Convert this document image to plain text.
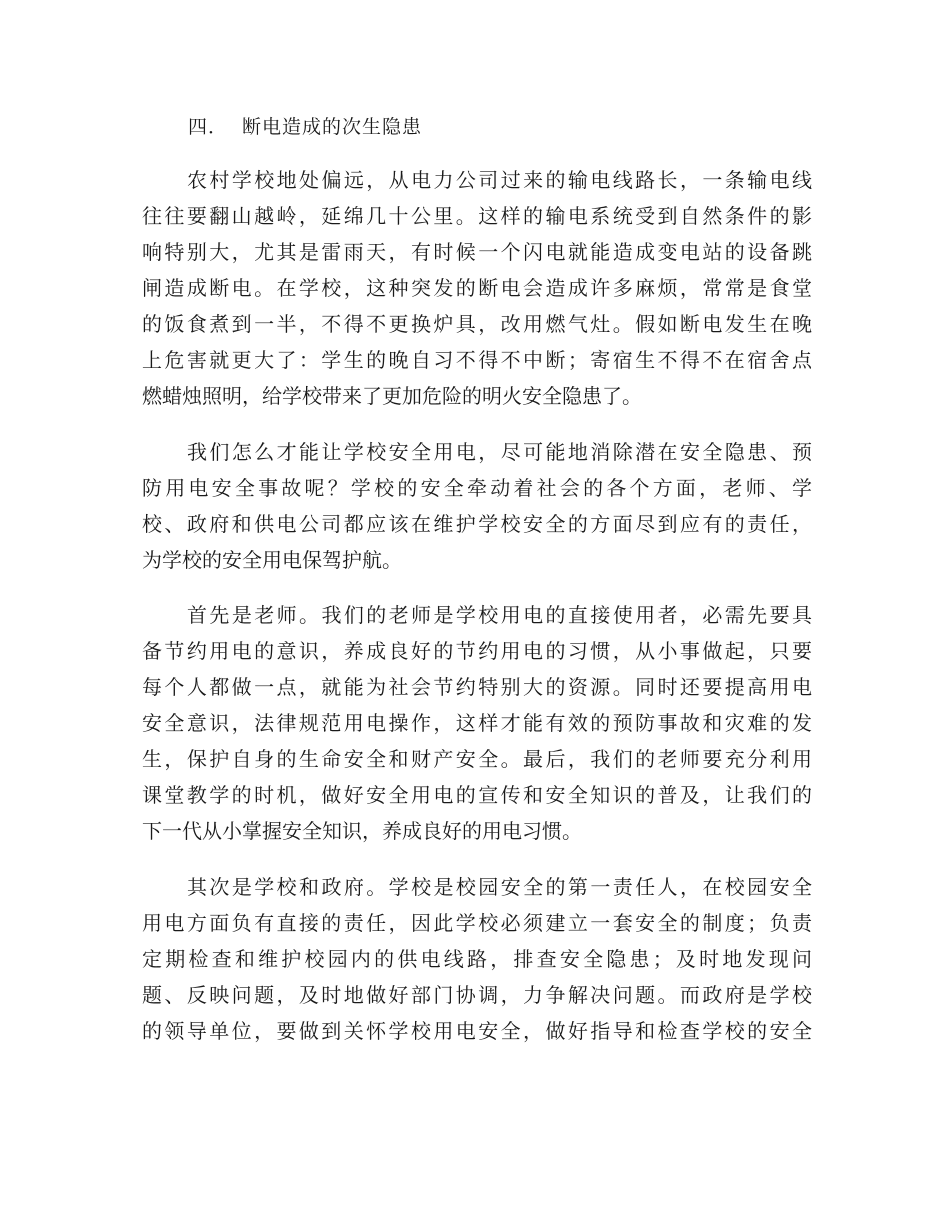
四． 断电造成的次生隐患
农村学校地处偏远，从电力公司过来的输电线路长，一条输电线
往往要翻山越岭，延绵几十公里。这样的输电系统受到自然条件的影
响特别大，尤其是雷雨天，有时候一个闪电就能造成变电站的设备跳
闸造成断电。在学校，这种突发的断电会造成许多麻烦，常常是食堂
的饭食煮到一半，不得不更换炉具，改用燃气灶。假如断电发生在晚
上危害就更大了：学生的晚自习不得不中断；寄宿生不得不在宿舍点
燃蜡烛照明，给学校带来了更加危险的明火安全隐患了。
我们怎么才能让学校安全用电，尽可能地消除潜在安全隐患、预
防用电安全事故呢？学校的安全牵动着社会的各个方面，老师、学
校、政府和供电公司都应该在维护学校安全的方面尽到应有的责任，
为学校的安全用电保驾护航。
首先是老师。我们的老师是学校用电的直接使用者，必需先要具
备节约用电的意识，养成良好的节约用电的习惯，从小事做起，只要
每个人都做一点，就能为社会节约特别大的资源。同时还要提高用电
安全意识，法律规范用电操作，这样才能有效的预防事故和灾难的发
生，保护自身的生命安全和财产安全。最后，我们的老师要充分利用
课堂教学的时机，做好安全用电的宣传和安全知识的普及，让我们的
下一代从小掌握安全知识，养成良好的用电习惯。
其次是学校和政府。学校是校园安全的第一责任人，在校园安全
用电方面负有直接的责任，因此学校必须建立一套安全的制度；负责
定期检查和维护校园内的供电线路，排查安全隐患；及时地发现问
题、反映问题，及时地做好部门协调，力争解决问题。而政府是学校
的领导单位，要做到关怀学校用电安全，做好指导和检查学校的安全
